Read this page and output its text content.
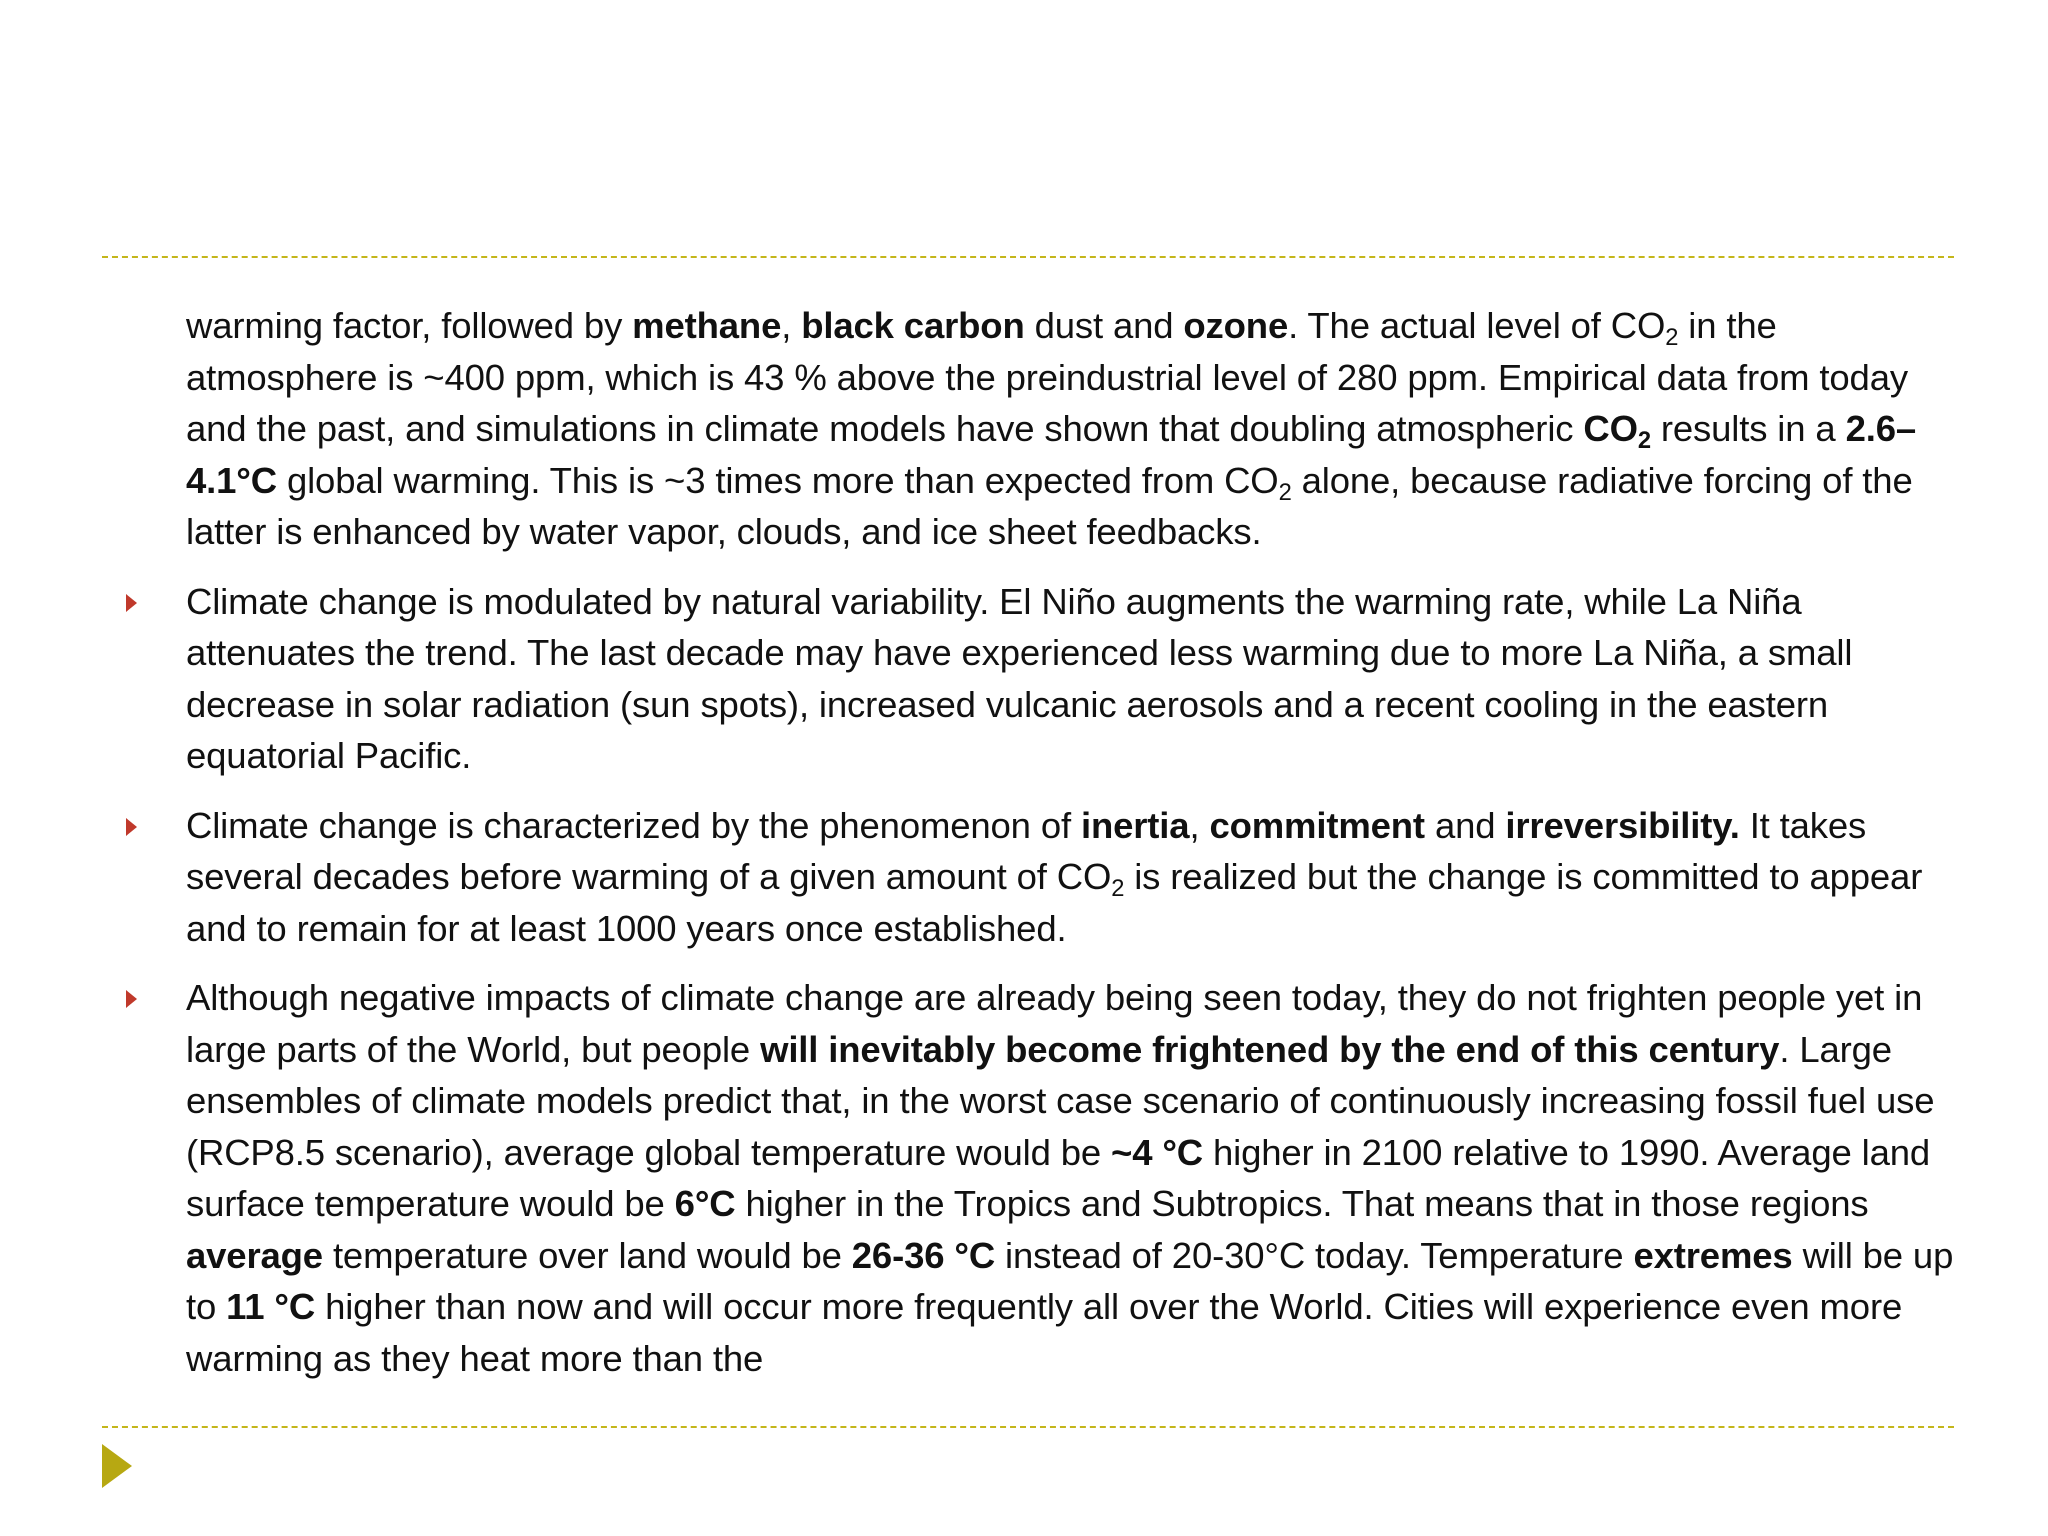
warming factor, followed by methane, black carbon dust and ozone. The actual level of $CO_2$ in the atmosphere is ~400 ppm, which is 43 % above the preindustrial level of 280 ppm. Empirical data from today and the past, and simulations in climate models have shown that doubling atmospheric $CO_2$ results in a 2.6–4.1°C global warming. This is ~3 times more than expected from $CO_2$ alone, because radiative forcing of the latter is enhanced by water vapor, clouds, and ice sheet feedbacks.
Climate change is modulated by natural variability. El Niño augments the warming rate, while La Niña attenuates the trend. The last decade may have experienced less warming due to more La Niña, a small decrease in solar radiation (sun spots), increased vulcanic aerosols and a recent cooling in the eastern equatorial Pacific.
Climate change is characterized by the phenomenon of inertia, commitment and irreversibility. It takes several decades before warming of a given amount of $CO_2$ is realized but the change is committed to appear and to remain for at least 1000 years once established.
Although negative impacts of climate change are already being seen today, they do not frighten people yet in large parts of the World, but people will inevitably become frightened by the end of this century. Large ensembles of climate models predict that, in the worst case scenario of continuously increasing fossil fuel use (RCP8.5 scenario), average global temperature would be ~4 °C higher in 2100 relative to 1990. Average land surface temperature would be 6°C higher in the Tropics and Subtropics. That means that in those regions average temperature over land would be 26-36 °C instead of 20-30°C today. Temperature extremes will be up to 11 °C higher than now and will occur more frequently all over the World. Cities will experience even more warming as they heat more than the
